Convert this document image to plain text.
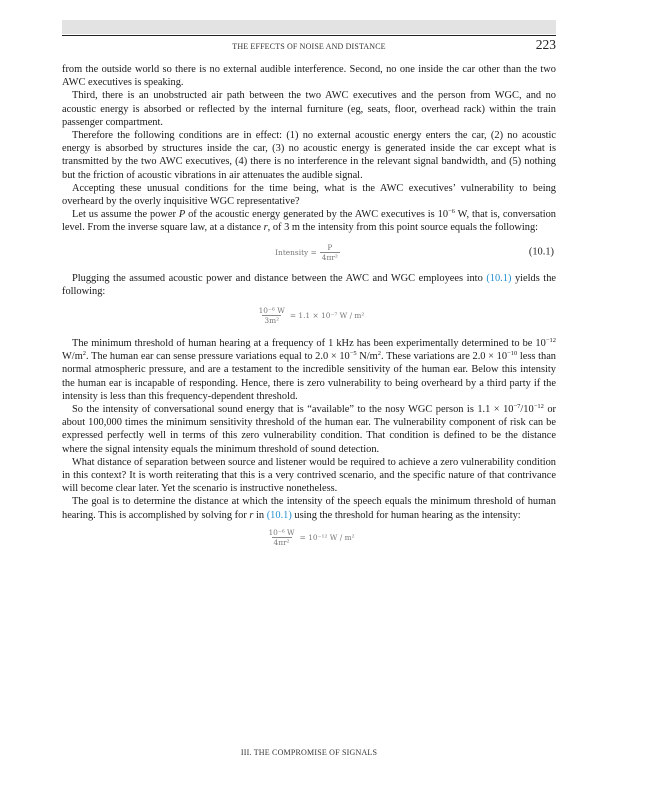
THE EFFECTS OF NOISE AND DISTANCE	223

from the outside world so there is no external audible interference. Second, no one inside the car other than the two AWC executives is speaking.

Third, there is an unobstructed air path between the two AWC executives and the person from WGC, and no acoustic energy is absorbed or reflected by the internal furniture (eg, seats, floor, overhead rack) within the train passenger compartment.

Therefore the following conditions are in effect: (1) no external acoustic energy enters the car, (2) no acoustic energy is absorbed by structures inside the car, (3) no acoustic energy is generated inside the car except what is transmitted by the two AWC executives, (4) there is no interference in the relevant signal bandwidth, and (5) nothing but the friction of acoustic vibrations in air attenuates the audible signal.

Accepting these unusual conditions for the time being, what is the AWC executives’ vulnerability to being overheard by the overly inquisitive WGC representative?

Let us assume the power P of the acoustic energy generated by the AWC executives is $10^{-6}$ W, that is, conversation level. From the inverse square law, at a distance r, of 3 m the intensity from this point source equals the following:

Intensity = $\frac{P}{\text{4πr²}}$	(10.1)

Plugging the assumed acoustic power and distance between the AWC and WGC employees into (10.1) yields the following:

$\frac{\text{10⁻⁶ W}}{\text{3m²}} = 1.1 \times 10^{-7}$ W / m²

The minimum threshold of human hearing at a frequency of 1 kHz has been experimentally determined to be $10^{-12}$ $W/m^2$. The human ear can sense pressure variations equal to $2.0 \times 10^{-5}$ $N/m^2$. These variations are $2.0 \times 10^{-10}$ less than normal atmospheric pressure, and are a testament to the incredible sensitivity of the human ear. Below this intensity the human ear is incapable of responding. Hence, there is zero vulnerability to being overheard by a third party if the intensity is less than this frequency-dependent threshold.

So the intensity of conversational sound energy that is “available” to the nosy WGC person is $1.1 \times 10^{-7}/10^{-12}$ or about 100,000 times the minimum sensitivity threshold of the human ear. The vulnerability component of risk can be expressed perfectly well in terms of this zero vulnerability condition. That condition is defined to be the distance where the signal intensity equals the minimum threshold of sound detection.

What distance of separation between source and listener would be required to achieve a zero vulnerability condition in this context? It is worth reiterating that this is a very contrived scenario, and the specific nature of that contrivance will become clear later. Yet the scenario is instructive nonetheless.

The goal is to determine the distance at which the intensity of the speech equals the minimum threshold of human hearing. This is accomplished by solving for r in (10.1) using the threshold for human hearing as the intensity:

$\frac{\text{10⁻⁶ W}}{\text{4πr²}} = 10^{-12}$ W / m²
III. THE COMPROMISE OF SIGNALS
